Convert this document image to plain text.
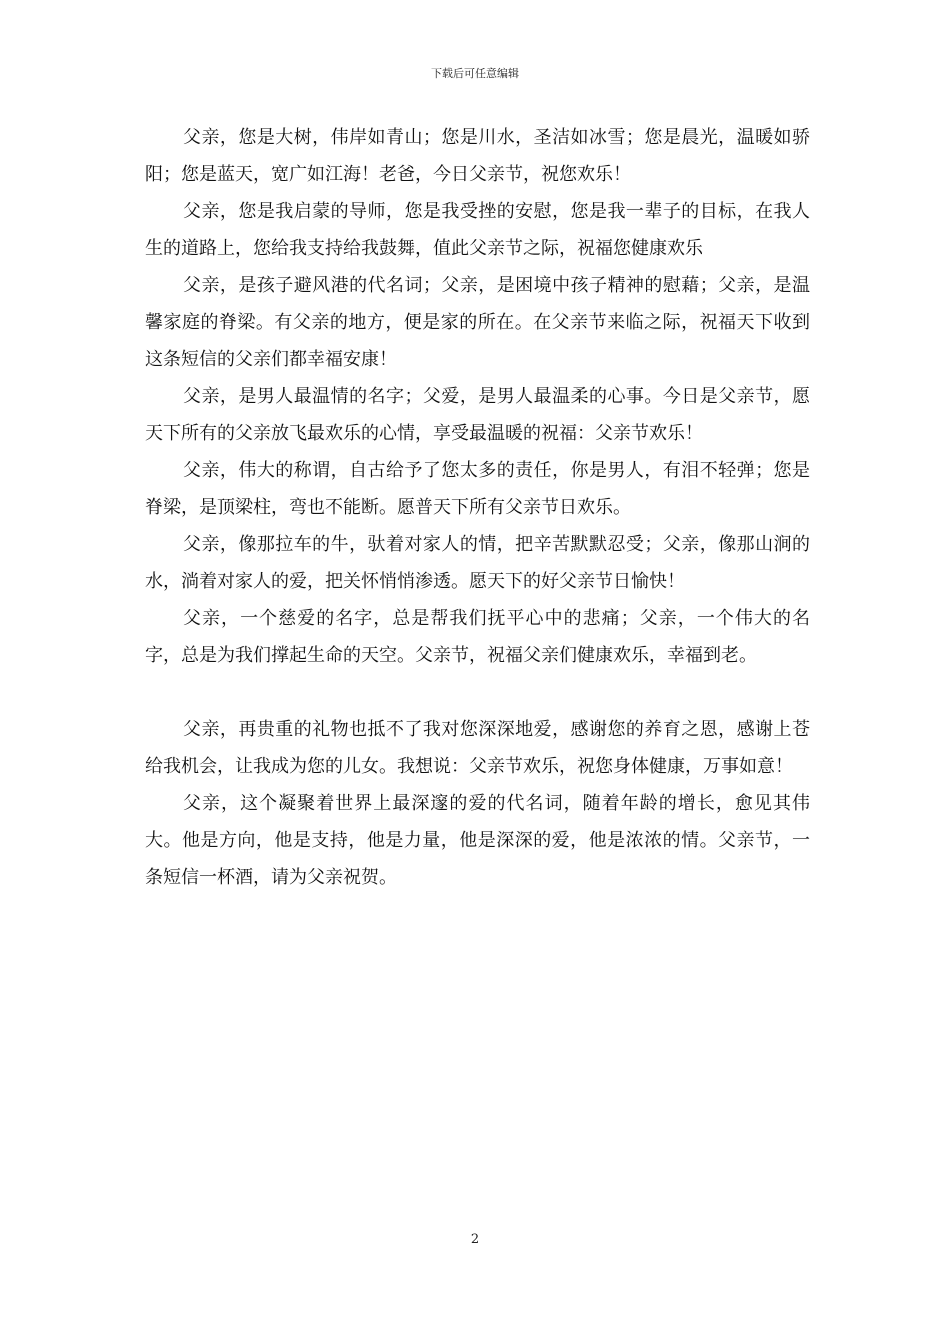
下载后可任意编辑

父亲，您是大树，伟岸如青山；您是川水，圣洁如冰雪；您是晨光，温暖如骄阳；您是蓝天，宽广如江海！老爸，今日父亲节，祝您欢乐！

父亲，您是我启蒙的导师，您是我受挫的安慰，您是我一辈子的目标，在我人生的道路上，您给我支持给我鼓舞，值此父亲节之际，祝福您健康欢乐

父亲，是孩子避风港的代名词；父亲，是困境中孩子精神的慰藉；父亲，是温馨家庭的脊梁。有父亲的地方，便是家的所在。在父亲节来临之际，祝福天下收到这条短信的父亲们都幸福安康！

父亲，是男人最温情的名字；父爱，是男人最温柔的心事。今日是父亲节，愿天下所有的父亲放飞最欢乐的心情，享受最温暖的祝福：父亲节欢乐！

父亲，伟大的称谓，自古给予了您太多的责任，你是男人，有泪不轻弹；您是脊梁，是顶梁柱，弯也不能断。愿普天下所有父亲节日欢乐。

父亲，像那拉车的牛，驮着对家人的情，把辛苦默默忍受；父亲，像那山涧的水，淌着对家人的爱，把关怀悄悄渗透。愿天下的好父亲节日愉快！

父亲，一个慈爱的名字，总是帮我们抚平心中的悲痛；父亲，一个伟大的名字，总是为我们撑起生命的天空。父亲节，祝福父亲们健康欢乐，幸福到老。

父亲，再贵重的礼物也抵不了我对您深深地爱，感谢您的养育之恩，感谢上苍给我机会，让我成为您的儿女。我想说：父亲节欢乐，祝您身体健康，万事如意！

父亲，这个凝聚着世界上最深邃的爱的代名词，随着年龄的增长，愈见其伟大。他是方向，他是支持，他是力量，他是深深的爱，他是浓浓的情。父亲节，一条短信一杯酒，请为父亲祝贺。

2
